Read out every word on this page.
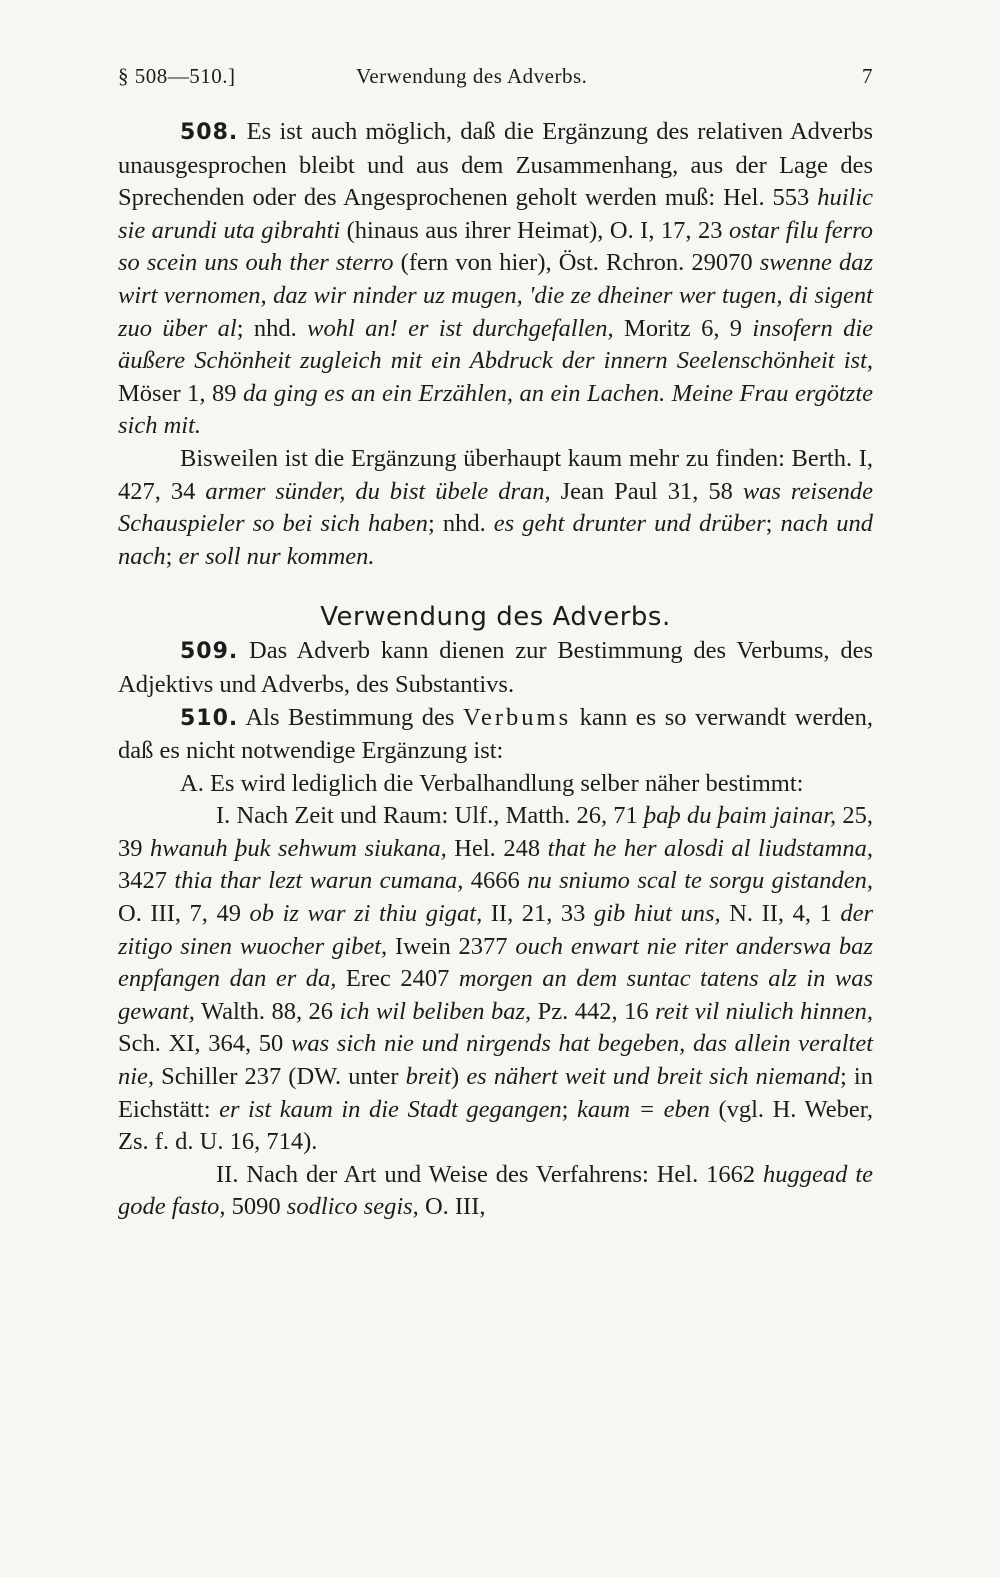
§ 508—510.]	Verwendung des Adverbs.	7

508. Es ist auch möglich, daß die Ergänzung des relativen Adverbs unausgesprochen bleibt und aus dem Zusammenhang, aus der Lage des Sprechenden oder des Angesprochenen geholt werden muß: Hel. 553 huilic sie arundi uta gibrahti (hinaus aus ihrer Heimat), O. I, 17, 23 ostar filu ferro so scein uns ouh ther sterro (fern von hier), Öst. Rchron. 29070 swenne daz wirt vernomen, daz wir ninder uz mugen, 'die ze dheiner wer tugen, di sigent zuo über al; nhd. wohl an! er ist durchgefallen, Moritz 6, 9 insofern die äußere Schönheit zugleich mit ein Abdruck der innern Seelenschönheit ist, Möser 1, 89 da ging es an ein Erzählen, an ein Lachen. Meine Frau ergötzte sich mit.

Bisweilen ist die Ergänzung überhaupt kaum mehr zu finden: Berth. I, 427, 34 armer sünder, du bist übele dran, Jean Paul 31, 58 was reisende Schauspieler so bei sich haben; nhd. es geht drunter und drüber; nach und nach; er soll nur kommen.

Verwendung des Adverbs.

509. Das Adverb kann dienen zur Bestimmung des Verbums, des Adjektivs und Adverbs, des Substantivs.

510. Als Bestimmung des Verbums kann es so verwandt werden, daß es nicht notwendige Ergänzung ist:

A. Es wird lediglich die Verbalhandlung selber näher bestimmt:

I. Nach Zeit und Raum: Ulf., Matth. 26, 71 þaþ du þaim jainar, 25, 39 hwanuh þuk sehwum siukana, Hel. 248 that he her alosdi al liudstamna, 3427 thia thar lezt warun cumana, 4666 nu sniumo scal te sorgu gistanden, O. III, 7, 49 ob iz war zi thiu gigat, II, 21, 33 gib hiut uns, N. II, 4, 1 der zitigo sinen wuocher gibet, Iwein 2377 ouch enwart nie riter anderswa baz enpfangen dan er da, Erec 2407 morgen an dem suntac tatens alz in was gewant, Walth. 88, 26 ich wil beliben baz, Pz. 442, 16 reit vil niulich hinnen, Sch. XI, 364, 50 was sich nie und nirgends hat begeben, das allein veraltet nie, Schiller 237 (DW. unter breit) es nähert weit und breit sich niemand; in Eichstätt: er ist kaum in die Stadt gegangen; kaum = eben (vgl. H. Weber, Zs. f. d. U. 16, 714).

II. Nach der Art und Weise des Verfahrens: Hel. 1662 huggead te gode fasto, 5090 sodlico segis, O. III,
